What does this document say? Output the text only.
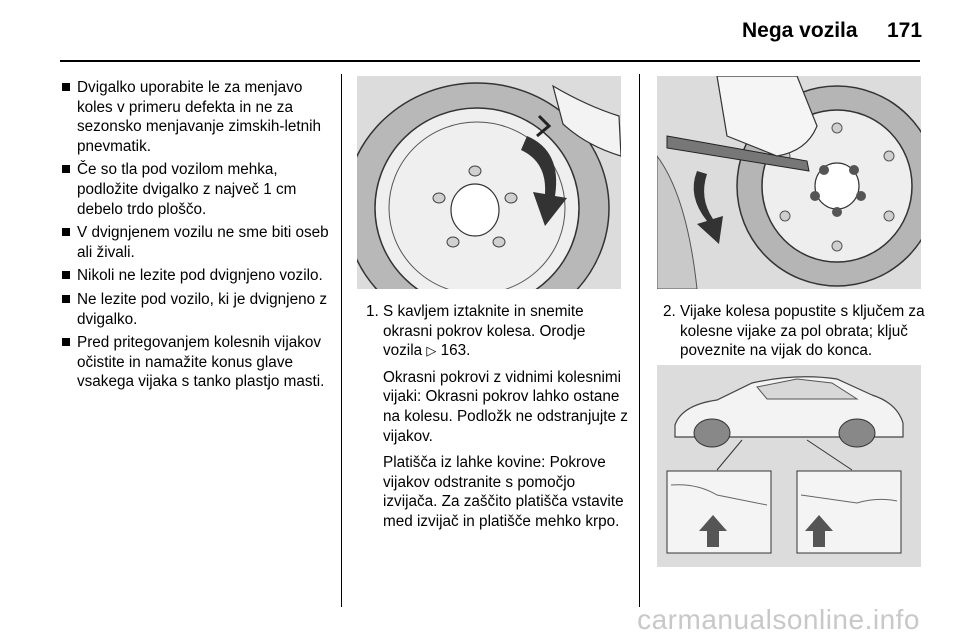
Nega vozila 171
Dvigalko uporabite le za menjavo koles v primeru defekta in ne za sezonsko menjavanje zimskih-letnih pnevmatik.
Če so tla pod vozilom mehka, podložite dvigalko z največ 1 cm debelo trdo ploščo.
V dvignjenem vozilu ne sme biti oseb ali živali.
Nikoli ne lezite pod dvignjeno vozilo.
Ne lezite pod vozilo, ki je dvignjeno z dvigalko.
Pred pritegovanjem kolesnih vijakov očistite in namažite konus glave vsakega vijaka s tanko plastjo masti.
1. S kavljem iztaknite in snemite okrasni pokrov kolesa. Orodje vozila ▷ 163.
Okrasni pokrovi z vidnimi kolesnimi vijaki: Okrasni pokrov lahko ostane na kolesu. Podložk ne odstranjujte z vijakov.
Platišča iz lahke kovine: Pokrove vijakov odstranite s pomočjo izvijača. Za zaščito platišča vstavite med izvijač in platišče mehko krpo.
2. Vijake kolesa popustite s ključem za kolesne vijake za pol obrata; ključ poveznite na vijak do konca.
carmanualsonline.info
